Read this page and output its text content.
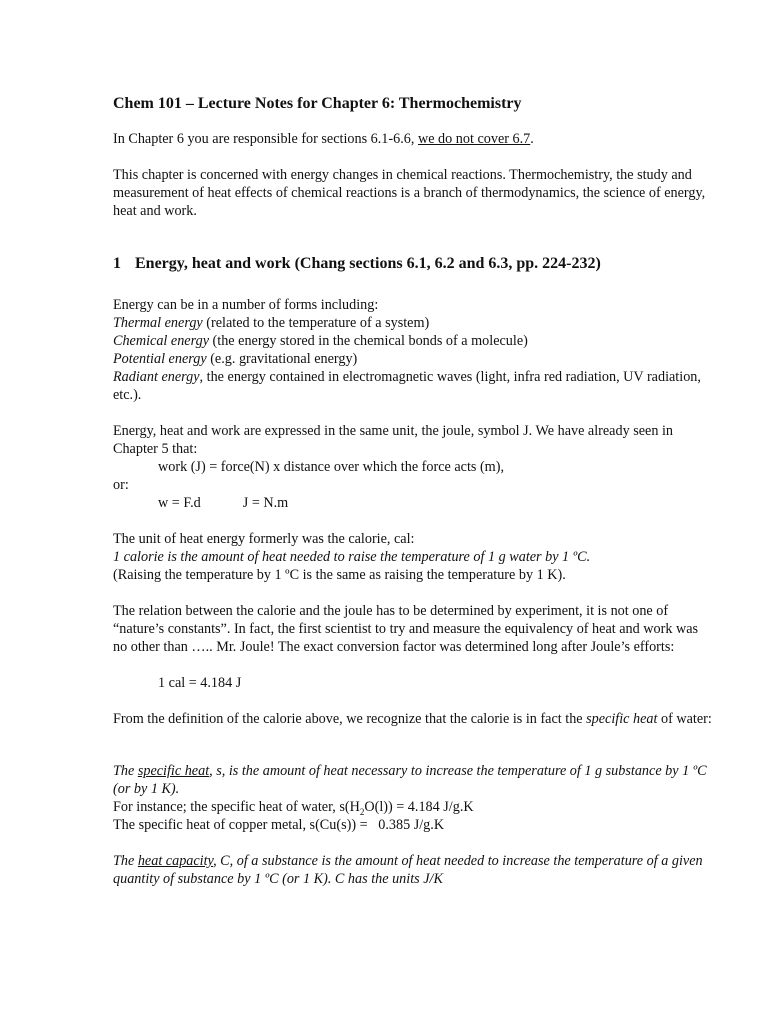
Chem 101 – Lecture Notes for Chapter 6: Thermochemistry

In Chapter 6 you are responsible for sections 6.1-6.6, we do not cover 6.7.

This chapter is concerned with energy changes in chemical reactions. Thermochemistry, the study and measurement of heat effects of chemical reactions is a branch of thermodynamics, the science of energy, heat and work.

1 Energy, heat and work (Chang sections 6.1, 6.2 and 6.3, pp. 224-232)

Energy can be in a number of forms including:

Thermal energy (related to the temperature of a system)

Chemical energy (the energy stored in the chemical bonds of a molecule)

Potential energy (e.g. gravitational energy)

Radiant energy, the energy contained in electromagnetic waves (light, infra red radiation, UV radiation, etc.).

Energy, heat and work are expressed in the same unit, the joule, symbol J. We have already seen in Chapter 5 that:

work (J) = force(N) x distance over which the force acts (m),

or:

w = F.d	J = N.m

The unit of heat energy formerly was the calorie, cal:

1 calorie is the amount of heat needed to raise the temperature of 1 g water by 1 ºC.

(Raising the temperature by 1 ºC is the same as raising the temperature by 1 K).

The relation between the calorie and the joule has to be determined by experiment, it is not one of “nature’s constants”. In fact, the first scientist to try and measure the equivalency of heat and work was no other than ….. Mr. Joule! The exact conversion factor was determined long after Joule’s efforts:

1 cal = 4.184 J

From the definition of the calorie above, we recognize that the calorie is in fact the specific heat of water:

The specific heat, s, is the amount of heat necessary to increase the temperature of 1 g substance by 1 ºC (or by 1 K).

For instance; the specific heat of water, $s(H_2O(l)) = 4.184$ J/g.K

The specific heat of copper metal, s(Cu(s)) =   0.385 J/g.K

The heat capacity, C, of a substance is the amount of heat needed to increase the temperature of a given quantity of substance by 1 ºC (or 1 K). C has the units J/K
